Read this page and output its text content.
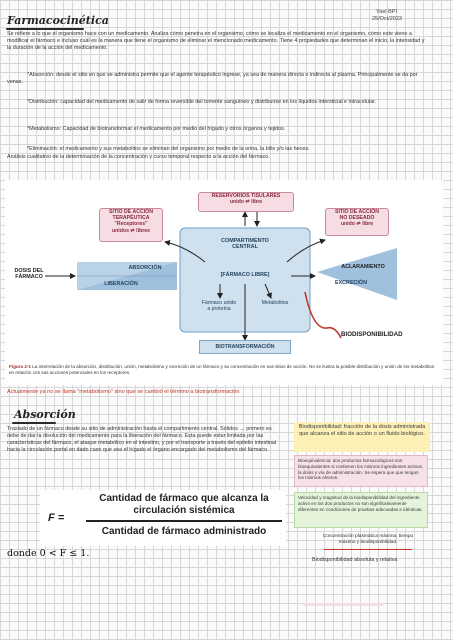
Farmacocinética
Yael BPI
25/Oct/2023
Se refiere a lo que el organismo hace con un medicamento. Analiza cómo penetra en el organismo, cómo se localiza el medicamento en el organismo, cómo este viene a modificar el fármaco e incluso cuál es la manera que tiene el organismo de eliminar el mencionado medicamento. Tiene 4 propiedades que determinan el inicio, la intensidad y la duración de la acción del medicamento.
*Absorción: desde el sitio en que se administra permite que el agente terapéutico ingrese, ya sea de manera directa o indirecta al plasma. Principalmente se da por venas.
*Distribución: capacidad del medicamento de salir de forma reversible del torrente sanguíneo y distribuirse en los líquidos intersticial e intracelular.
*Metabolismo: Capacidad de biotransformar el medicamento por medio del hígado y otros órganos y tejidos.
*Eliminación: el medicamento y sus metabolitos se eliminan del organismo por medio de la orina, la bilis y/o las heces.
Análisis cualitativo de la determinación de la concentración y curso temporal respecto a la acción del fármaco.
RESERVORIOS TISULARES
unido ⇌ libre
SITIO DE ACCIÓN
TERAPÉUTICA
"Receptores"
unidos ⇌ libres
SITIO DE ACCIÓN
NO DESEADO
unido ⇌ libre
COMPARTIMENTO
CENTRAL
[FÁRMACO LIBRE]
Fármaco unido
a proteína
Metabolitos
DOSIS DEL
FÁRMACO
ABSORCIÓN
LIBERACIÓN
ACLARAMIENTO
EXCRECIÓN
BIOTRANSFORMACIÓN
BIODISPONIBILIDAD
Figura 2-1 La interrelación de la absorción, distribución, unión, metabolismo y excreción de un fármaco y su concentración en sus sitios de acción. No se ilustra la posible distribución y unión de los metabolitos en relación con sus acciones potenciales en los receptores.
Actualmente ya no se llama "metabolismo" sino que se cambió el término a biotransformación
Absorción
Traslado de un fármaco desde su sitio de administración hasta el compartimento central. Sólidos → primero es debe de dar la disolución del medicamento para la liberación del fármaco. Esta puede estar limitada por las características del fármaco, el ataque metabólico en el intestino, y por el transporte a través del epitelio intestinal hacia la circulación portal en dado caso que sea el hígado el órgano encargado del metabolismo del fármaco.
F =
Cantidad de fármaco que alcanza la circulación sistémica
Cantidad de fármaco administrado
donde 0 < F ≤ 1.
Biodisponibilidad: fracción de la dosis administrada que alcanza el sitio de acción o un fluido biológico.
Bioequivalencia: dos productos farmacológicos son bioequivalentes si contienen los mismos ingredientes activos, la dosis y vía de administración. Se espera que que tengan los mismos efectos.
Velocidad y magnitud de la biodisponibilidad del ingrediente activo en los dos productos no son significativamente diferentes en condiciones de pruebas adecuadas e idénticas.
Concentración plasmática máxima, tiempo máximo y biodisponibilidad.
Biodisponibilidad absoluta y relativa
